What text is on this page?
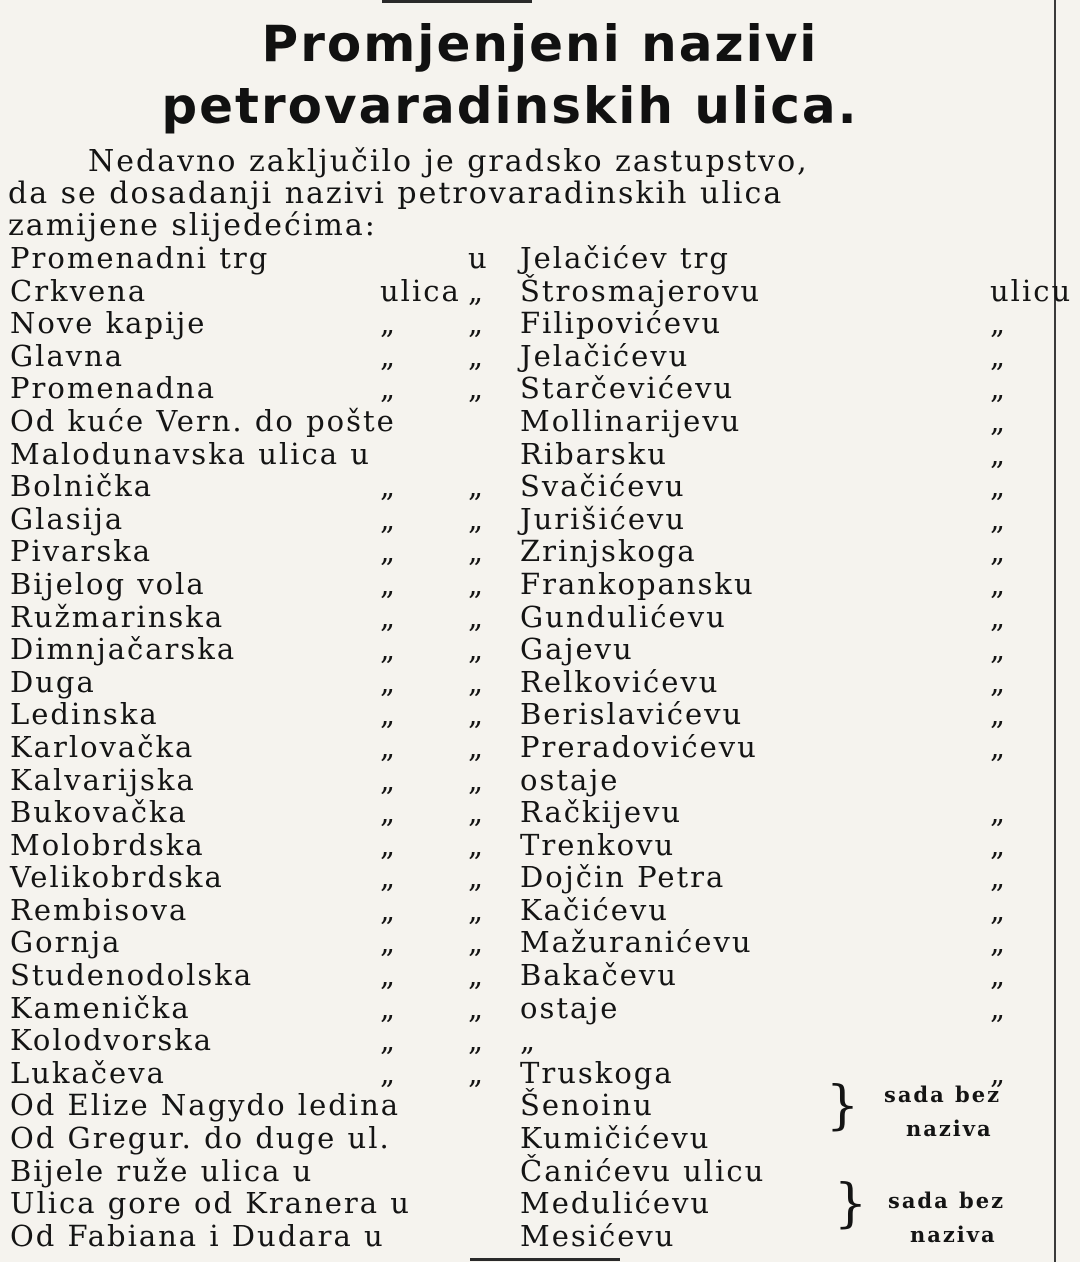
Promjenjeni nazivi
petrovaradinskih ulica.
Nedavno zaključilo je gradsko zastupstvo,
da se dosadanji nazivi petrovaradinskih ulica
zamijene slijedećima:
Promenadni trg	u Jelačićev trg
Crkvena	ulica „ Štrosmajerovu	ulicu
Nove kapije	„ „ Filipovićevu	„
Glavna	„ „ Jelačićevu	„
Promenadna	„ „ Starčevićevu	„
Od kuće Vern. do pošte	Mollinarijevu	„
Malodunavska ulica u	Ribarsku	„
Bolnička	„ „ Svačićevu	„
Glasija	„ „ Jurišićevu	„
Pivarska	„ „ Zrinjskoga	„
Bijelog vola	„ „ Frankopansku	„
Ružmarinska	„ „ Gundulićevu	„
Dimnjačarska	„ „ Gajevu	„
Duga	„ „ Relkovićevu	„
Ledinska	„ „ Berislavićevu	„
Karlovačka	„ „ Preradovićevu	„
Kalvarijska	„ „ ostaje
Bukovačka	„ „ Račkijevu	„
Molobrdska	„ „ Trenkovu	„
Velikobrdska	„ „ Dojčin Petra	„
Rembisova	„ „ Kačićevu	„
Gornja	„ „ Mažuranićevu	„
Studenodolska	„ „ Bakačevu	„
Kamenička	„ „ ostaje	„
Kolodvorska	„ „ „
Lukačeva	„ „ Truskoga	„
Od Elize Nagydo ledina	Šenoinu
Od Gregur. do duge ul.	Kumičićevu
Bijele ruže ulica u	Čanićevu ulicu
Ulica gore od Kranera u	Medulićevu
Od Fabiana i Dudara u	Mesićevu
} sada bez
naziva
} sada bez
naziva
